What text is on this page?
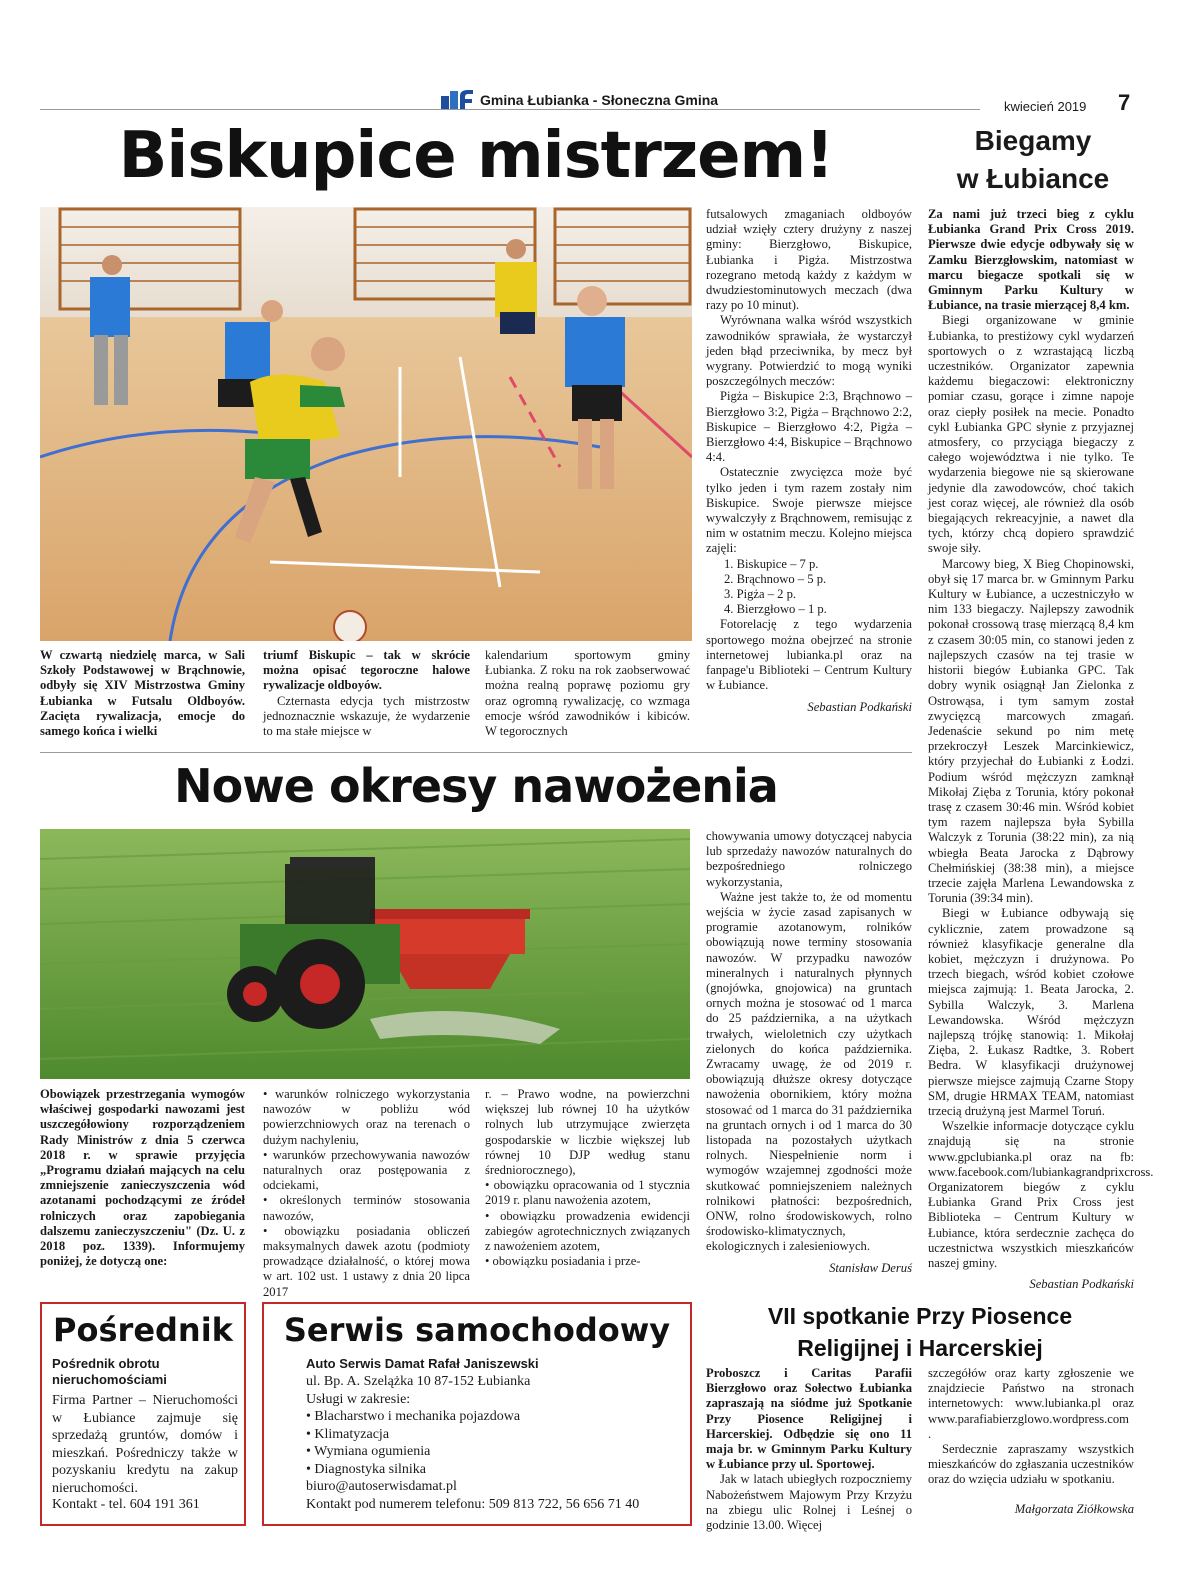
Gmina Łubianka - Słoneczna Gmina	kwiecień 2019 7
Biskupice mistrzem!

W czwartą niedzielę marca, w Sali Szkoły Podstawowej w Brąchnowie, odbyły się XIV Mistrzostwa Gminy Łubianka w Futsalu Oldboyów. Zacięta rywalizacja, emocje do samego końca i wielki

triumf Biskupic – tak w skrócie można opisać tegoroczne halowe rywalizacje oldboyów.

Czternasta edycja tych mistrzostw jednoznacznie wskazuje, że wydarzenie to ma stałe miejsce w

kalendarium sportowym gminy Łubianka. Z roku na rok zaobserwować można realną poprawę poziomu gry oraz ogromną rywalizację, co wzmaga emocje wśród zawodników i kibiców. W tegorocznych

futsalowych zmaganiach oldboyów udział wzięły cztery drużyny z naszej gminy: Bierzgłowo, Biskupice, Łubianka i Pigża. Mistrzostwa rozegrano metodą każdy z każdym w dwudziestominutowych meczach (dwa razy po 10 minut).

Wyrównana walka wśród wszystkich zawodników sprawiała, że wystarczył jeden błąd przeciwnika, by mecz był wygrany. Potwierdzić to mogą wyniki poszczególnych meczów:

Pigża – Biskupice 2:3, Brąchnowo – Bierzgłowo 3:2, Pigża – Brąchnowo 2:2, Biskupice – Bierzgłowo 4:2, Pigża – Bierzgłowo 4:4, Biskupice – Brąchnowo 4:4.

Ostatecznie zwycięzca może być tylko jeden i tym razem zostały nim Biskupice. Swoje pierwsze miejsce wywalczyły z Brąchnowem, remisując z nim w ostatnim meczu. Kolejno miejsca zajęli:

1. Biskupice – 7 p.
2. Brąchnowo – 5 p.
3. Pigża – 2 p.
4. Bierzgłowo – 1 p.

Fotorelację z tego wydarzenia sportowego można obejrzeć na stronie internetowej lubianka.pl oraz na fanpage'u Biblioteki – Centrum Kultury w Łubiance.

Sebastian Podkański

Biegamy
w Łubiance

Za nami już trzeci bieg z cyklu Łubianka Grand Prix Cross 2019. Pierwsze dwie edycje odbywały się w Zamku Bierzgłowskim, natomiast w marcu biegacze spotkali się w Gminnym Parku Kultury w Łubiance, na trasie mierzącej 8,4 km.

Biegi organizowane w gminie Łubianka, to prestiżowy cykl wydarzeń sportowych o z wzrastającą liczbą uczestników. Organizator zapewnia każdemu biegaczowi: elektroniczny pomiar czasu, gorące i zimne napoje oraz ciepły posiłek na mecie. Ponadto cykl Łubianka GPC słynie z przyjaznej atmosfery, co przyciąga biegaczy z całego województwa i nie tylko. Te wydarzenia biegowe nie są skierowane jedynie dla zawodowców, choć takich jest coraz więcej, ale również dla osób biegających rekreacyjnie, a nawet dla tych, którzy chcą dopiero sprawdzić swoje siły.

Marcowy bieg, X Bieg Chopinowski, obył się 17 marca br. w Gminnym Parku Kultury w Łubiance, a uczestniczyło w nim 133 biegaczy. Najlepszy zawodnik pokonał crossową trasę mierzącą 8,4 km z czasem 30:05 min, co stanowi jeden z najlepszych czasów na tej trasie w historii biegów Łubianka GPC. Tak dobry wynik osiągnął Jan Zielonka z Ostrowąsa, i tym samym został zwycięzcą marcowych zmagań. Jedenaście sekund po nim metę przekroczył Leszek Marcinkiewicz, który przyjechał do Łubianki z Łodzi. Podium wśród mężczyzn zamknął Mikołaj Zięba z Torunia, który pokonał trasę z czasem 30:46 min. Wśród kobiet tym razem najlepsza była Sybilla Walczyk z Torunia (38:22 min), za nią wbiegła Beata Jarocka z Dąbrowy Chełmińskiej (38:38 min), a miejsce trzecie zajęła Marlena Lewandowska z Torunia (39:34 min).

Biegi w Łubiance odbywają się cyklicznie, zatem prowadzone są również klasyfikacje generalne dla kobiet, mężczyzn i drużynowa. Po trzech biegach, wśród kobiet czołowe miejsca zajmują: 1. Beata Jarocka, 2. Sybilla Walczyk, 3. Marlena Lewandowska. Wśród mężczyzn najlepszą trójkę stanowią: 1. Mikołaj Zięba, 2. Łukasz Radtke, 3. Robert Bedra. W klasyfikacji drużynowej pierwsze miejsce zajmują Czarne Stopy SM, drugie HRMAX TEAM, natomiast trzecią drużyną jest Marmel Toruń.

Wszelkie informacje dotyczące cyklu znajdują się na stronie www.gpclubianka.pl oraz na fb: www.facebook.com/lubiankagrandprixcross. Organizatorem biegów z cyklu Łubianka Grand Prix Cross jest Biblioteka – Centrum Kultury w Łubiance, która serdecznie zachęca do uczestnictwa wszystkich mieszkańców naszej gminy.

Sebastian Podkański

Nowe okresy nawożenia

Obowiązek przestrzegania wymogów właściwej gospodarki nawozami jest uszczegółowiony rozporządzeniem Rady Ministrów z dnia 5 czerwca 2018 r. w sprawie przyjęcia „Programu działań mających na celu zmniejszenie zanieczyszczenia wód azotanami pochodzącymi ze źródeł rolniczych oraz zapobiegania dalszemu zanieczyszczeniu" (Dz. U. z 2018 poz. 1339). Informujemy poniżej, że dotyczą one:

• warunków rolniczego wykorzystania nawozów w pobliżu wód powierzchniowych oraz na terenach o dużym nachyleniu,
• warunków przechowywania nawozów naturalnych oraz postępowania z odciekami,
• określonych terminów stosowania nawozów,
• obowiązku posiadania obliczeń maksymalnych dawek azotu (podmioty prowadzące działalność, o której mowa w art. 102 ust. 1 ustawy z dnia 20 lipca 2017

r. – Prawo wodne, na powierzchni większej lub równej 10 ha użytków rolnych lub utrzymujące zwierzęta gospodarskie w liczbie większej lub równej 10 DJP według stanu średniorocznego),

• obowiązku opracowania od 1 stycznia 2019 r. planu nawożenia azotem,
• obowiązku prowadzenia ewidencji zabiegów agrotechnicznych związanych z nawożeniem azotem,
• obowiązku posiadania i prze-

chowywania umowy dotyczącej nabycia lub sprzedaży nawozów naturalnych do bezpośredniego rolniczego wykorzystania,

Ważne jest także to, że od momentu wejścia w życie zasad zapisanych w programie azotanowym, rolników obowiązują nowe terminy stosowania nawozów. W przypadku nawozów mineralnych i naturalnych płynnych (gnojówka, gnojowica) na gruntach ornych można je stosować od 1 marca do 25 października, a na użytkach trwałych, wieloletnich czy użytkach zielonych do końca października. Zwracamy uwagę, że od 2019 r. obowiązują dłuższe okresy dotyczące nawożenia obornikiem, który można stosować od 1 marca do 31 października na gruntach ornych i od 1 marca do 30 listopada na pozostałych użytkach rolnych. Niespełnienie norm i wymogów wzajemnej zgodności może skutkować pomniejszeniem należnych rolnikowi płatności: bezpośrednich, ONW, rolno środowiskowych, rolno środowisko-klimatycznych, ekologicznych i zalesieniowych.

Stanisław Deruś

Pośrednik
Pośrednik obrotu nieruchomościami
Firma Partner – Nieruchomości w Łubiance zajmuje się sprzedażą gruntów, domów i mieszkań. Pośredniczy także w pozyskaniu kredytu na zakup nieruchomości.
Kontakt - tel. 604 191 361
Serwis samochodowy
Auto Serwis Damat Rafał Janiszewski
ul. Bp. A. Szelążka 10 87-152 Łubianka
Usługi w zakresie:
• Blacharstwo i mechanika pojazdowa
• Klimatyzacja
• Wymiana ogumienia
• Diagnostyka silnika
biuro@autoserwisdamat.pl
Kontakt pod numerem telefonu: 509 813 722, 56 656 71 40
VII spotkanie Przy Piosence
Religijnej i Harcerskiej

Proboszcz i Caritas Parafii Bierzgłowo oraz Sołectwo Łubianka zapraszają na siódme już Spotkanie Przy Piosence Religijnej i Harcerskiej. Odbędzie się ono 11 maja br. w Gminnym Parku Kultury w Łubiance przy ul. Sportowej.

Jak w latach ubiegłych rozpoczniemy Nabożeństwem Majowym Przy Krzyżu na zbiegu ulic Rolnej i Leśnej o godzinie 13.00. Więcej

szczegółów oraz karty zgłoszenie we znajdziecie Państwo na stronach internetowych: www.lubianka.pl oraz www.parafiabierzglowo.wordpress.com .

Serdecznie zapraszamy wszystkich mieszkańców do zgłaszania uczestników oraz do wzięcia udziału w spotkaniu.

Małgorzata Ziółkowska
